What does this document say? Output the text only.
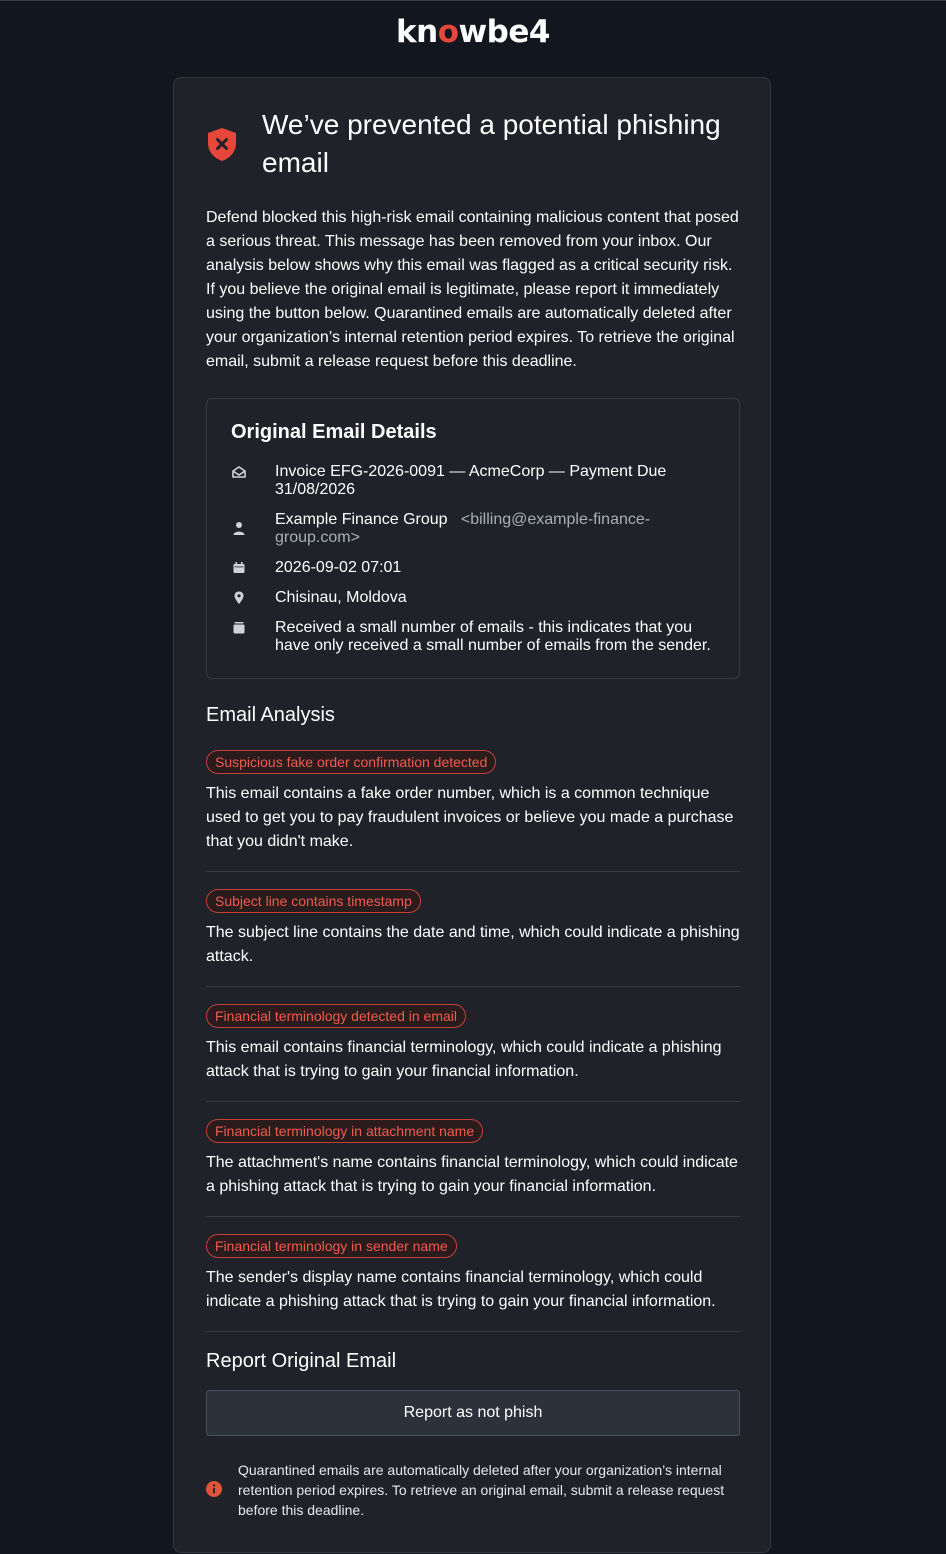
knowbe4
We’ve prevented a potential phishing email
Defend blocked this high-risk email containing malicious content that posed a serious threat. This message has been removed from your inbox. Our analysis below shows why this email was flagged as a critical security risk. If you believe the original email is legitimate, please report it immediately using the button below. Quarantined emails are automatically deleted after your organization’s internal retention period expires. To retrieve the original email, submit a release request before this deadline.
Original Email Details
Invoice EFG-2026-0091 — AcmeCorp — Payment Due 31/08/2026
Example Finance Group <billing@example-finance-group.com>
2026-09-02 07:01
Chisinau, Moldova
Received a small number of emails - this indicates that you have only received a small number of emails from the sender.
Email Analysis
Suspicious fake order confirmation detected
This email contains a fake order number, which is a common technique used to get you to pay fraudulent invoices or believe you made a purchase that you didn't make.
Subject line contains timestamp
The subject line contains the date and time, which could indicate a phishing attack.
Financial terminology detected in email
This email contains financial terminology, which could indicate a phishing attack that is trying to gain your financial information.
Financial terminology in attachment name
The attachment's name contains financial terminology, which could indicate a phishing attack that is trying to gain your financial information.
Financial terminology in sender name
The sender's display name contains financial terminology, which could indicate a phishing attack that is trying to gain your financial information.
Report Original Email
Report as not phish
Quarantined emails are automatically deleted after your organization’s internal retention period expires. To retrieve an original email, submit a release request before this deadline.
